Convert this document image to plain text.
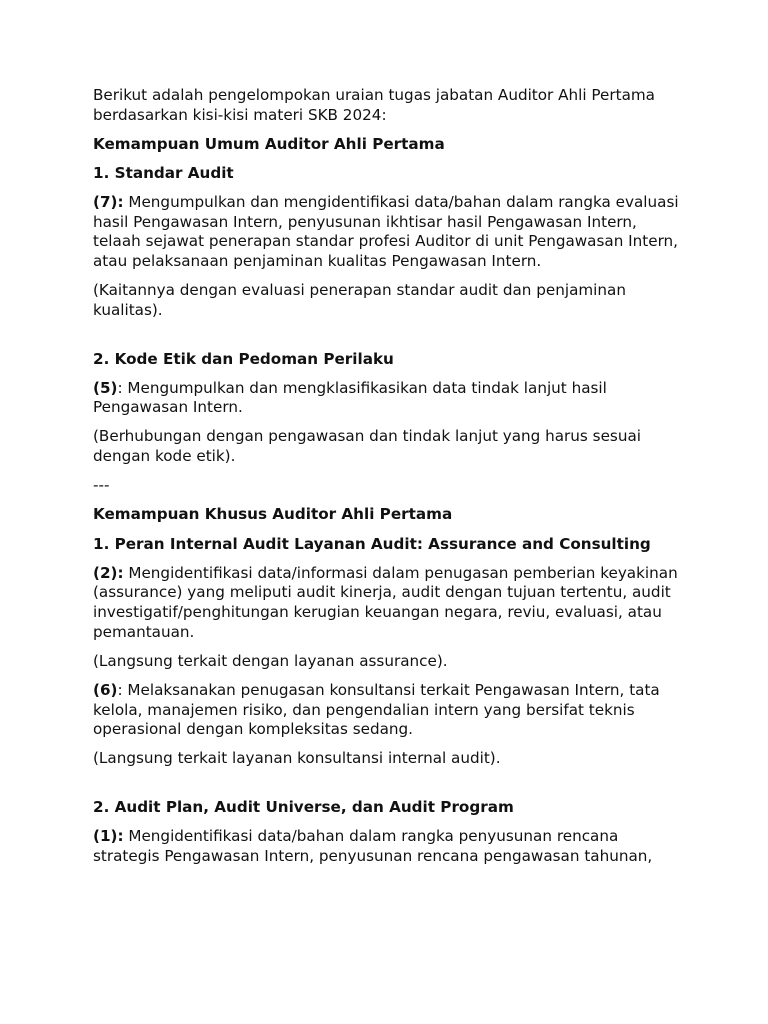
Berikut adalah pengelompokan uraian tugas jabatan Auditor Ahli Pertama berdasarkan kisi-kisi materi SKB 2024:

Kemampuan Umum Auditor Ahli Pertama

1. Standar Audit

(7): Mengumpulkan dan mengidentifikasi data/bahan dalam rangka evaluasi hasil Pengawasan Intern, penyusunan ikhtisar hasil Pengawasan Intern, telaah sejawat penerapan standar profesi Auditor di unit Pengawasan Intern, atau pelaksanaan penjaminan kualitas Pengawasan Intern.

(Kaitannya dengan evaluasi penerapan standar audit dan penjaminan kualitas).

2. Kode Etik dan Pedoman Perilaku

(5): Mengumpulkan dan mengklasifikasikan data tindak lanjut hasil Pengawasan Intern.

(Berhubungan dengan pengawasan dan tindak lanjut yang harus sesuai dengan kode etik).

---

Kemampuan Khusus Auditor Ahli Pertama

1. Peran Internal Audit Layanan Audit: Assurance and Consulting

(2): Mengidentifikasi data/informasi dalam penugasan pemberian keyakinan (assurance) yang meliputi audit kinerja, audit dengan tujuan tertentu, audit investigatif/penghitungan kerugian keuangan negara, reviu, evaluasi, atau pemantauan.

(Langsung terkait dengan layanan assurance).

(6): Melaksanakan penugasan konsultansi terkait Pengawasan Intern, tata kelola, manajemen risiko, dan pengendalian intern yang bersifat teknis operasional dengan kompleksitas sedang.

(Langsung terkait layanan konsultansi internal audit).

2. Audit Plan, Audit Universe, dan Audit Program

(1): Mengidentifikasi data/bahan dalam rangka penyusunan rencana strategis Pengawasan Intern, penyusunan rencana pengawasan tahunan,
